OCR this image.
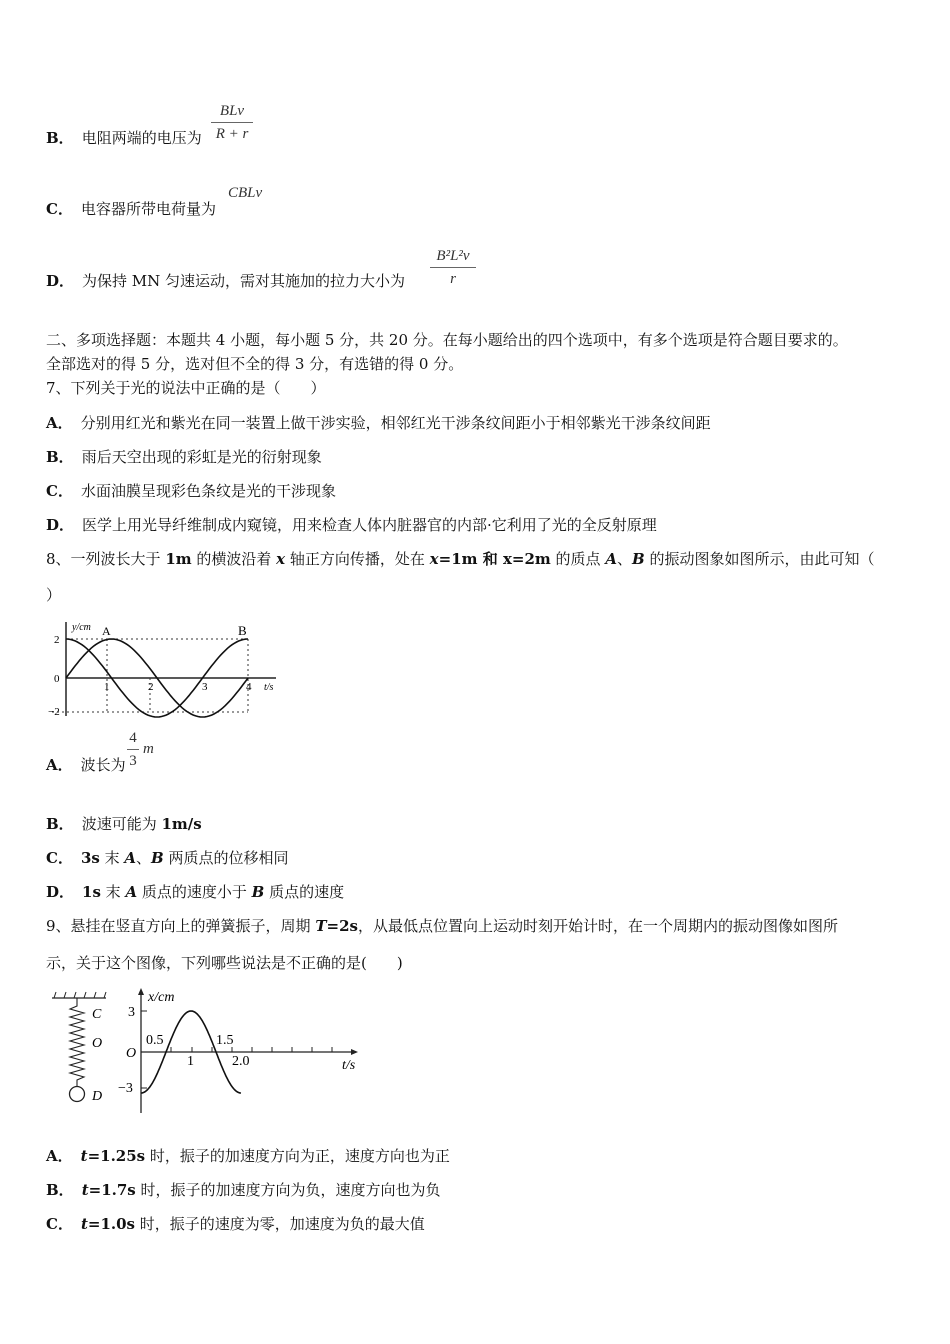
B． 电阻两端的电压为
BLv
R + r
C． 电容器所带电荷量为
CBLv
D． 为保持 MN 匀速运动，需对其施加的拉力大小为
B²L²v
r
二、多项选择题：本题共 4 小题，每小题 5 分，共 20 分。在每小题给出的四个选项中，有多个选项是符合题目要求的。
全部选对的得 5 分，选对但不全的得 3 分，有选错的得 0 分。
7、下列关于光的说法中正确的是（　　）
A． 分别用红光和紫光在同一装置上做干涉实验，相邻红光干涉条纹间距小于相邻紫光干涉条纹间距
B． 雨后天空出现的彩虹是光的衍射现象
C． 水面油膜呈现彩色条纹是光的干涉现象
D． 医学上用光导纤维制成内窥镜，用来检查人体内脏器官的内部·它利用了光的全反射原理
8、一列波长大于 1m 的横波沿着 x 轴正方向传播，处在 x=1m 和 x=2m 的质点 A、B 的振动图象如图所示，由此可知（
）
y/cm
2
0
−2
1	2	3	4 t/s
A	B
A． 波长为
4
3
m
B． 波速可能为 1m/s
C． 3s 末 A、B 两质点的位移相同
D． 1s 末 A 质点的速度小于 B 质点的速度
9、悬挂在竖直方向上的弹簧振子，周期 T=2s，从最低点位置向上运动时刻开始计时，在一个周期内的振动图像如图所
示，关于这个图像，下列哪些说法是不正确的是(　　)
C
O
D
x/cm
3
O
−3
0.5
1
1.5
2.0	t/s
A． t=1.25s 时，振子的加速度方向为正，速度方向也为正
B． t=1.7s 时，振子的加速度方向为负，速度方向也为负
C． t=1.0s 时，振子的速度为零，加速度为负的最大值
